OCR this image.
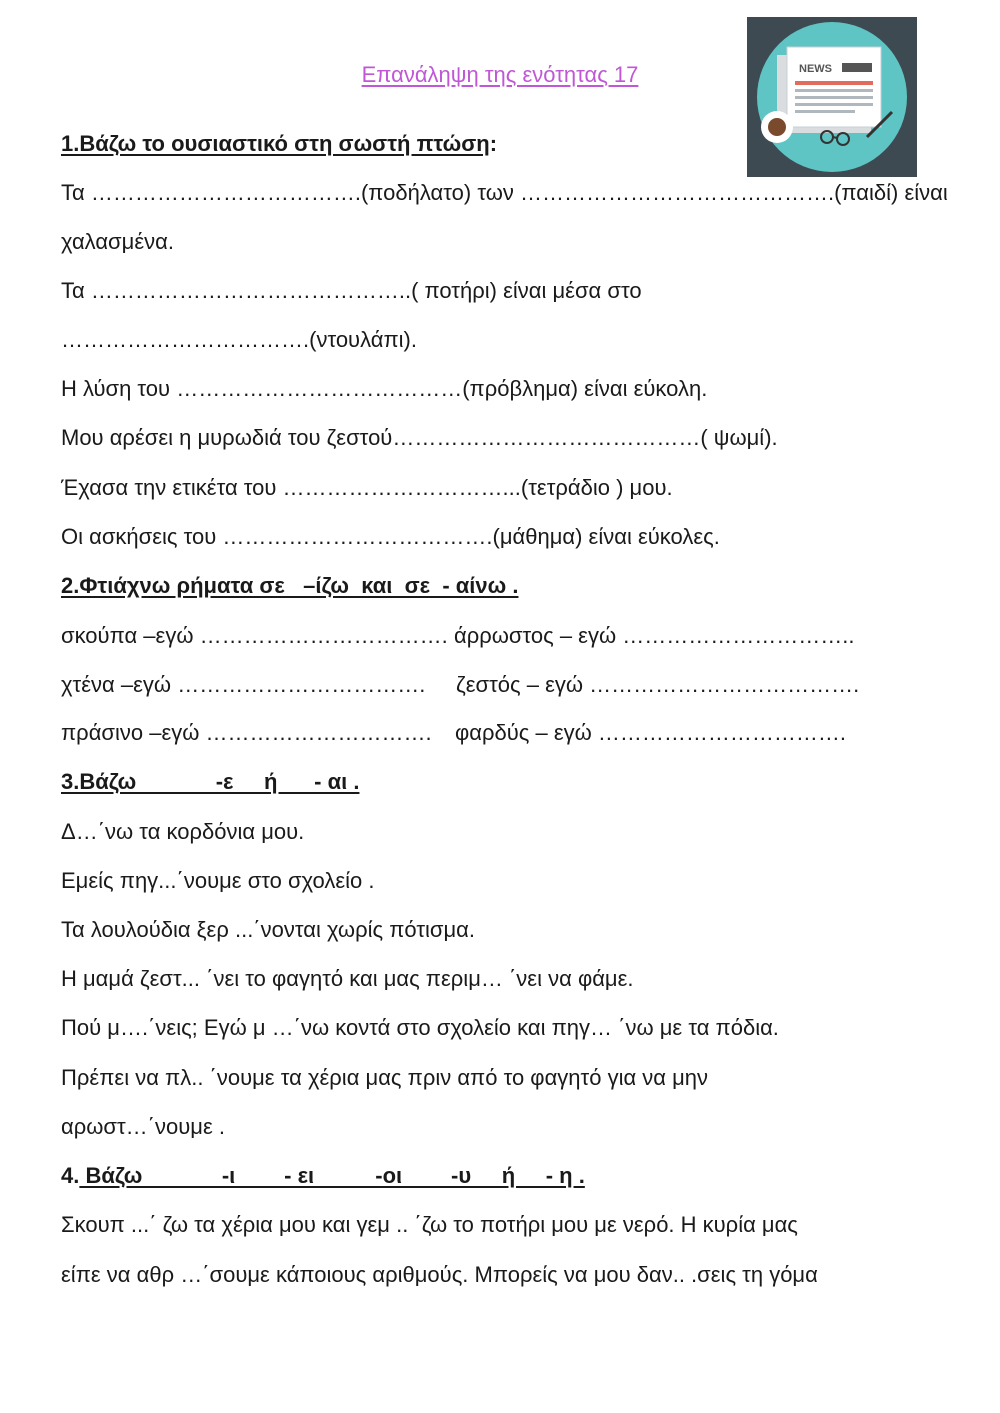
Επανάληψη της ενότητας 17	NEWS
1.Βάζω το ουσιαστικό στη σωστή πτώση:
Τα ……………………………….(ποδήλατο) των …………………………………….(παιδί) είναι
χαλασμένα.
Τα ……………………………………..( ποτήρι) είναι μέσα στο
…………………………….(ντουλάπι).
Η λύση του …………………………………(πρόβλημα) είναι εύκολη.
Μου αρέσει η μυρωδιά του ζεστού……………………………………( ψωμί).
Έχασα την ετικέτα του …………………………...(τετράδιο ) μου.
Οι ασκήσεις του ……………………………….(μάθημα) είναι εύκολες.
2.Φτιάχνω ρήματα σε   –ίζω  και  σε  - αίνω .
σκούπα –εγώ ……………………………. άρρωστος – εγώ …………………………..
χτένα –εγώ ……………………………. ζεστός – εγώ ……………………………….
πράσινο –εγώ …………………………. φαρδύς – εγώ …………………………….
3.Βάζω             -ε     ή      - αι .
Δ…΄νω τα κορδόνια μου.
Εμείς πηγ...΄νουμε στο σχολείο .
Τα λουλούδια ξερ ...΄νονται χωρίς πότισμα.
Η μαμά ζεστ... ΄νει το φαγητό και μας περιμ… ΄νει να φάμε.
Πού μ….΄νεις; Εγώ μ …΄νω κοντά στο σχολείο και πηγ… ΄νω με τα πόδια.
Πρέπει να πλ.. ΄νουμε τα χέρια μας πριν από το φαγητό για να μην
αρωστ…΄νουμε .
4. Βάζω             -ι        - ει          -οι        -υ     ή     - η .
Σκουπ ...΄ ζω τα χέρια μου και γεμ .. ΄ζω το ποτήρι μου με νερό. Η κυρία μας
είπε να αθρ …΄σουμε κάποιους αριθμούς. Μπορείς να μου δαν.. .σεις τη γόμα
